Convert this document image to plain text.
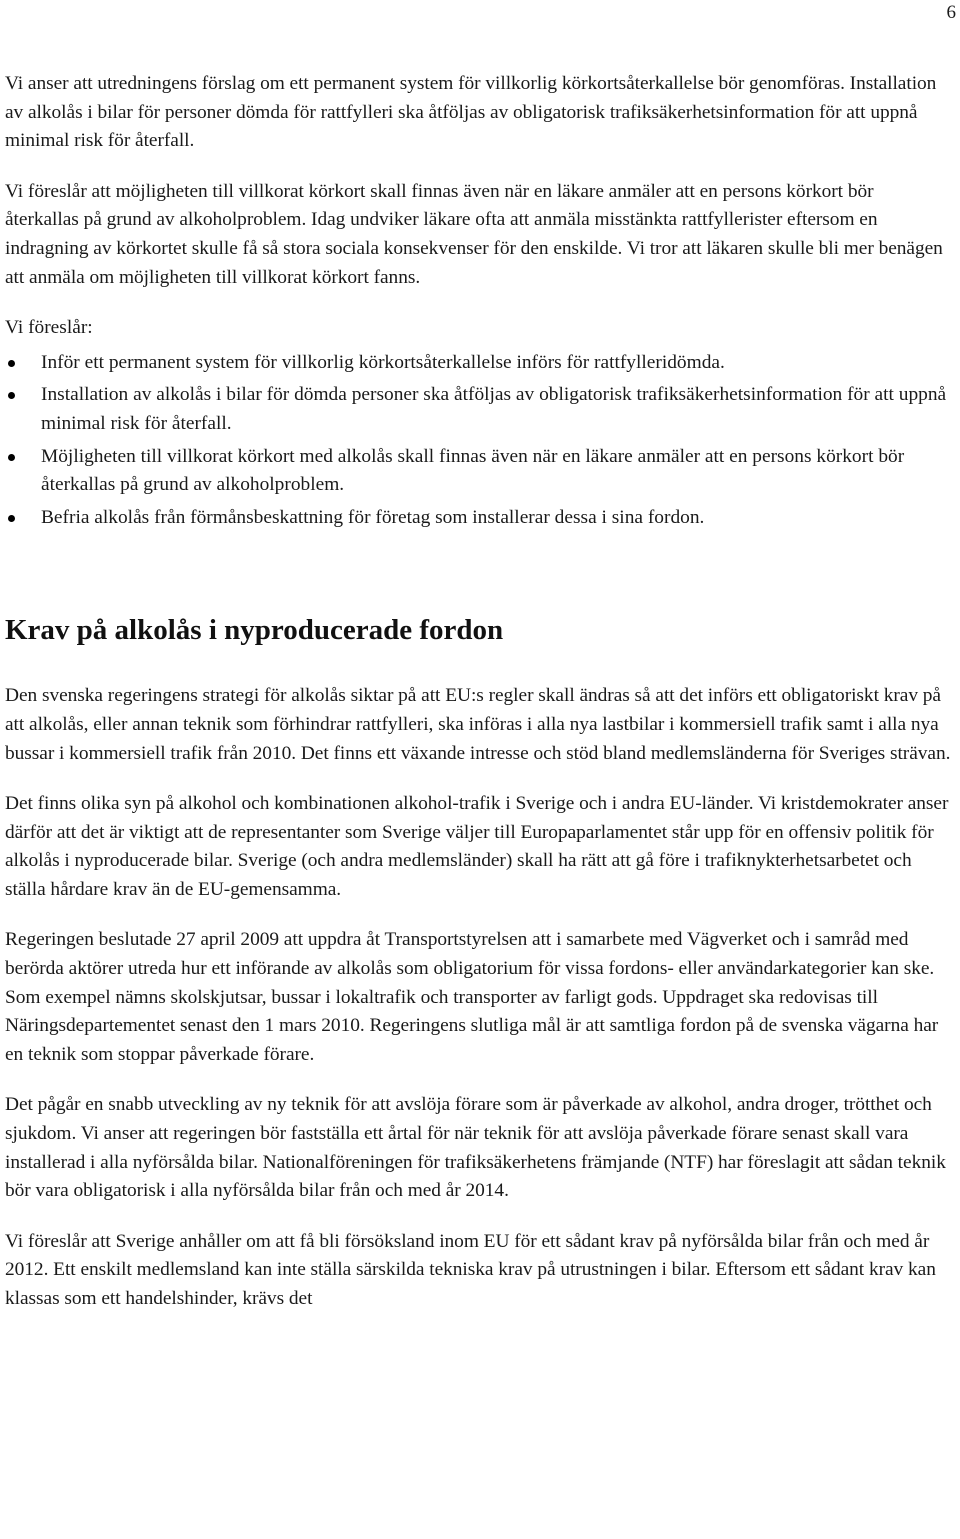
6

Vi anser att utredningens förslag om ett permanent system för villkorlig körkortsåterkallelse bör genomföras. Installation av alkolås i bilar för personer dömda för rattfylleri ska åtföljas av obligatorisk trafiksäkerhetsinformation för att uppnå minimal risk för återfall.

Vi föreslår att möjligheten till villkorat körkort skall finnas även när en läkare anmäler att en persons körkort bör återkallas på grund av alkoholproblem. Idag undviker läkare ofta att anmäla misstänkta rattfyllerister eftersom en indragning av körkortet skulle få så stora sociala konsekvenser för den enskilde. Vi tror att läkaren skulle bli mer benägen att anmäla om möjligheten till villkorat körkort fanns.

Vi föreslår:

Inför ett permanent system för villkorlig körkortsåterkallelse införs för rattfylleridömda.
Installation av alkolås i bilar för dömda personer ska åtföljas av obligatorisk trafiksäkerhetsinformation för att uppnå minimal risk för återfall.
Möjligheten till villkorat körkort med alkolås skall finnas även när en läkare anmäler att en persons körkort bör återkallas på grund av alkoholproblem.
Befria alkolås från förmånsbeskattning för företag som installerar dessa i sina fordon.
Krav på alkolås i nyproducerade fordon

Den svenska regeringens strategi för alkolås siktar på att EU:s regler skall ändras så att det införs ett obligatoriskt krav på att alkolås, eller annan teknik som förhindrar rattfylleri, ska införas i alla nya lastbilar i kommersiell trafik samt i alla nya bussar i kommersiell trafik från 2010. Det finns ett växande intresse och stöd bland medlemsländerna för Sveriges strävan.

Det finns olika syn på alkohol och kombinationen alkohol-trafik i Sverige och i andra EU-länder. Vi kristdemokrater anser därför att det är viktigt att de representanter som Sverige väljer till Europaparlamentet står upp för en offensiv politik för alkolås i nyproducerade bilar. Sverige (och andra medlemsländer) skall ha rätt att gå före i trafiknykterhetsarbetet och ställa hårdare krav än de EU-gemensamma.

Regeringen beslutade 27 april 2009 att uppdra åt Transportstyrelsen att i samarbete med Vägverket och i samråd med berörda aktörer utreda hur ett införande av alkolås som obligatorium för vissa fordons- eller användarkategorier kan ske. Som exempel nämns skolskjutsar, bussar i lokaltrafik och transporter av farligt gods. Uppdraget ska redovisas till Näringsdepartementet senast den 1 mars 2010. Regeringens slutliga mål är att samtliga fordon på de svenska vägarna har en teknik som stoppar påverkade förare.

Det pågår en snabb utveckling av ny teknik för att avslöja förare som är påverkade av alkohol, andra droger, trötthet och sjukdom. Vi anser att regeringen bör fastställa ett årtal för när teknik för att avslöja påverkade förare senast skall vara installerad i alla nyförsålda bilar. Nationalföreningen för trafiksäkerhetens främjande (NTF) har föreslagit att sådan teknik bör vara obligatorisk i alla nyförsålda bilar från och med år 2014.

Vi föreslår att Sverige anhåller om att få bli försöksland inom EU för ett sådant krav på nyförsålda bilar från och med år 2012. Ett enskilt medlemsland kan inte ställa särskilda tekniska krav på utrustningen i bilar. Eftersom ett sådant krav kan klassas som ett handelshinder, krävs det
